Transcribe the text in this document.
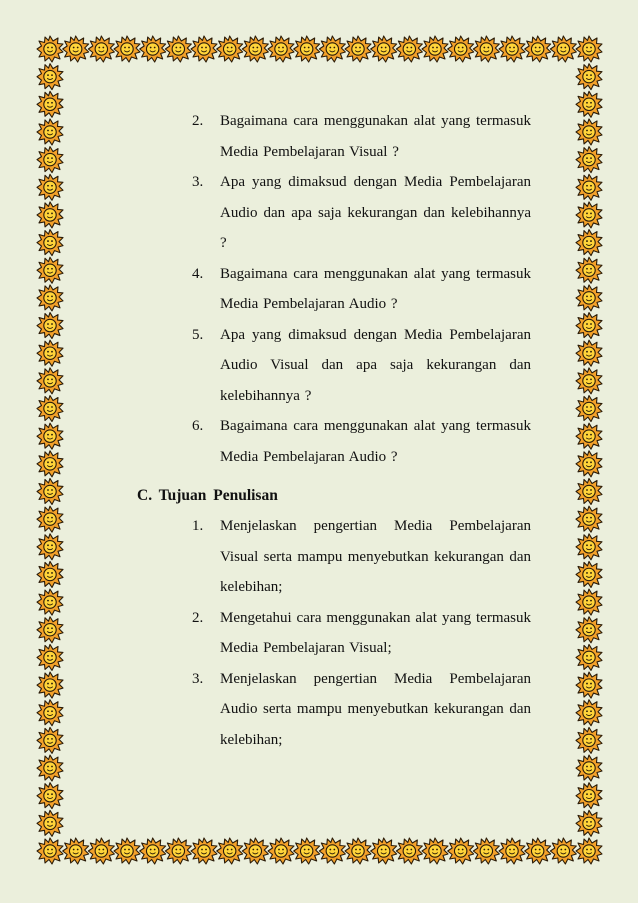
2. Bagaimana cara menggunakan alat yang termasuk Media Pembelajaran Visual ?
3. Apa yang dimaksud dengan Media Pembelajaran Audio dan apa saja kekurangan dan kelebihannya ?
4. Bagaimana cara menggunakan alat yang termasuk Media Pembelajaran Audio ?
5. Apa yang dimaksud dengan Media Pembelajaran Audio Visual dan apa saja kekurangan dan kelebihannya ?
6. Bagaimana cara menggunakan alat yang termasuk Media Pembelajaran Audio ?
C. Tujuan Penulisan
1. Menjelaskan pengertian Media Pembelajaran Visual serta mampu menyebutkan kekurangan dan kelebihan;
2. Mengetahui cara menggunakan alat yang termasuk Media Pembelajaran Visual;
3. Menjelaskan pengertian Media Pembelajaran Audio serta mampu menyebutkan kekurangan dan kelebihan;
